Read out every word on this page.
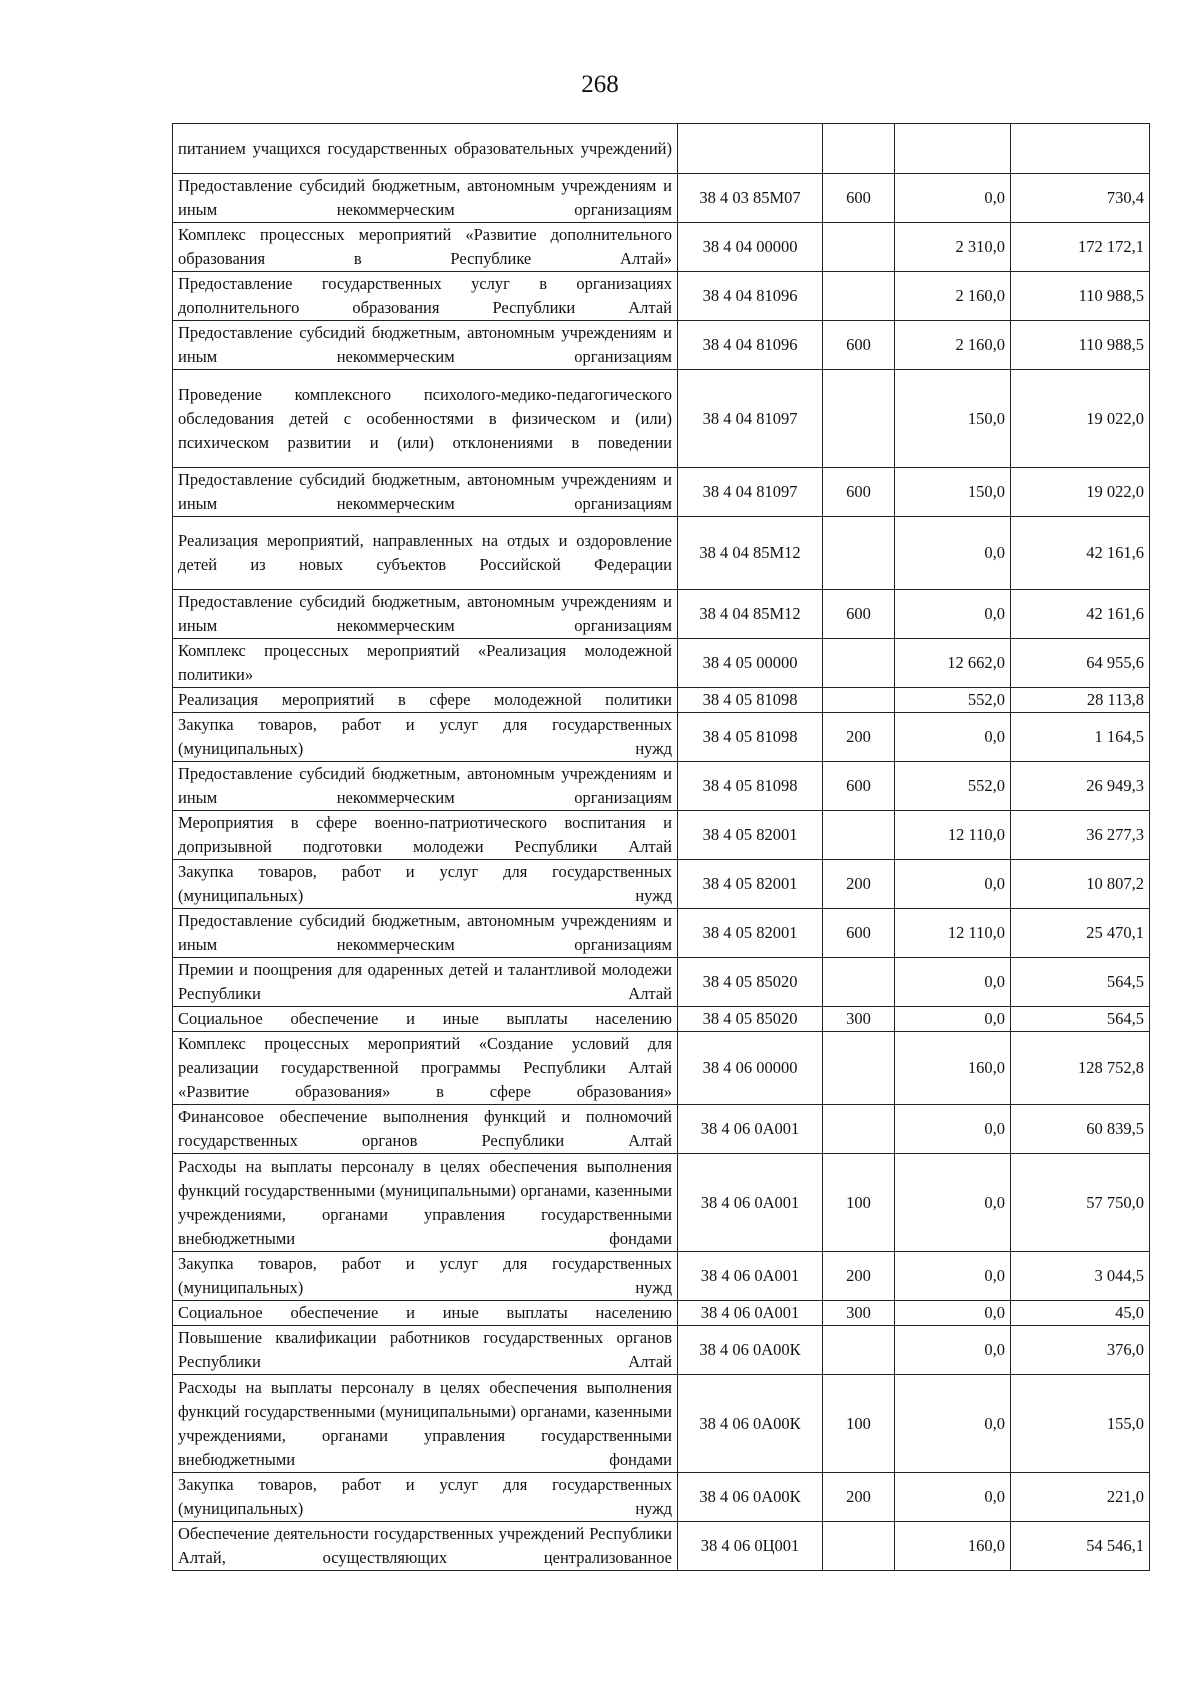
268
питанием учащихся государственных образовательных учреждений)				
Предоставление субсидий бюджетным, автономным учреждениям и иным некоммерческим организациям	38 4 03 85М07	600	0,0	730,4
Комплекс процессных мероприятий «Развитие дополнительного образования в Республике Алтай»	38 4 04 00000		2 310,0	172 172,1
Предоставление государственных услуг в организациях дополнительного образования Республики Алтай	38 4 04 81096		2 160,0	110 988,5
Предоставление субсидий бюджетным, автономным учреждениям и иным некоммерческим организациям	38 4 04 81096	600	2 160,0	110 988,5
Проведение комплексного психолого-медико-педагогического обследования детей с особенностями в физическом и (или) психическом развитии и (или) отклонениями в поведении	38 4 04 81097		150,0	19 022,0
Предоставление субсидий бюджетным, автономным учреждениям и иным некоммерческим организациям	38 4 04 81097	600	150,0	19 022,0
Реализация мероприятий, направленных на отдых и оздоровление детей из новых субъектов Российской Федерации	38 4 04 85М12		0,0	42 161,6
Предоставление субсидий бюджетным, автономным учреждениям и иным некоммерческим организациям	38 4 04 85М12	600	0,0	42 161,6
Комплекс процессных мероприятий «Реализация молодежной политики»	38 4 05 00000		12 662,0	64 955,6
Реализация мероприятий в сфере молодежной политики	38 4 05 81098		552,0	28 113,8
Закупка товаров, работ и услуг для государственных (муниципальных) нужд	38 4 05 81098	200	0,0	1 164,5
Предоставление субсидий бюджетным, автономным учреждениям и иным некоммерческим организациям	38 4 05 81098	600	552,0	26 949,3
Мероприятия в сфере военно-патриотического воспитания и допризывной подготовки молодежи Республики Алтай	38 4 05 82001		12 110,0	36 277,3
Закупка товаров, работ и услуг для государственных (муниципальных) нужд	38 4 05 82001	200	0,0	10 807,2
Предоставление субсидий бюджетным, автономным учреждениям и иным некоммерческим организациям	38 4 05 82001	600	12 110,0	25 470,1
Премии и поощрения для одаренных детей и талантливой молодежи Республики Алтай	38 4 05 85020		0,0	564,5
Социальное обеспечение и иные выплаты населению	38 4 05 85020	300	0,0	564,5
Комплекс процессных мероприятий «Создание условий для реализации государственной программы Республики Алтай «Развитие образования» в сфере образования»	38 4 06 00000		160,0	128 752,8
Финансовое обеспечение выполнения функций и полномочий государственных органов Республики Алтай	38 4 06 0А001		0,0	60 839,5
Расходы на выплаты персоналу в целях обеспечения выполнения функций государственными (муниципальными) органами, казенными учреждениями, органами управления государственными внебюджетными фондами	38 4 06 0А001	100	0,0	57 750,0
Закупка товаров, работ и услуг для государственных (муниципальных) нужд	38 4 06 0А001	200	0,0	3 044,5
Социальное обеспечение и иные выплаты населению	38 4 06 0А001	300	0,0	45,0
Повышение квалификации работников государственных органов Республики Алтай	38 4 06 0А00К		0,0	376,0
Расходы на выплаты персоналу в целях обеспечения выполнения функций государственными (муниципальными) органами, казенными учреждениями, органами управления государственными внебюджетными фондами	38 4 06 0А00К	100	0,0	155,0
Закупка товаров, работ и услуг для государственных (муниципальных) нужд	38 4 06 0А00К	200	0,0	221,0
Обеспечение деятельности государственных учреждений Республики Алтай, осуществляющих централизованное	38 4 06 0Ц001		160,0	54 546,1
